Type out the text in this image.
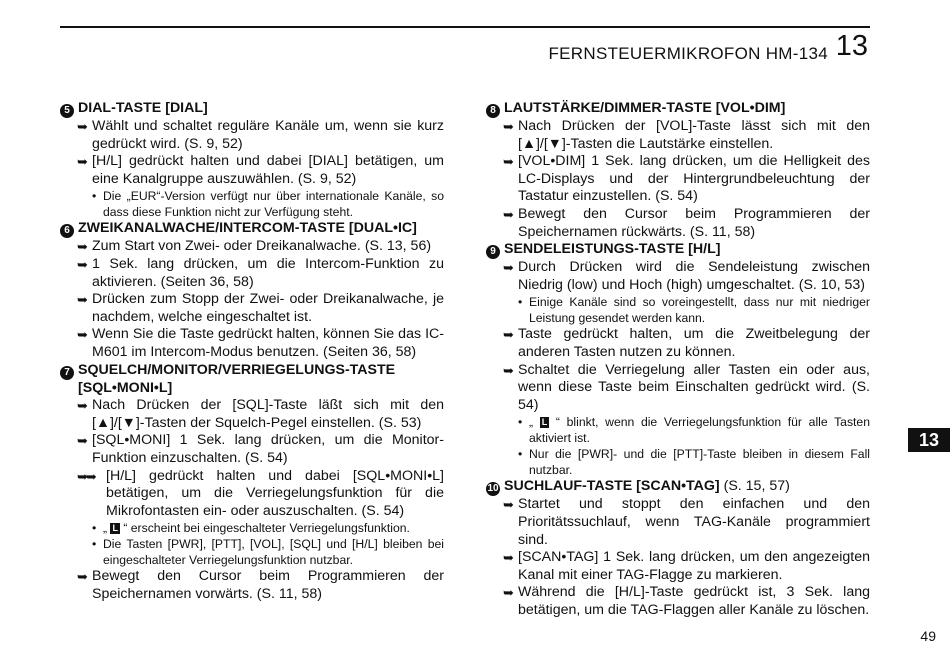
FERNSTEUERMIKROFON HM-134 13
5 DIAL-TASTE [DIAL]
➥ Wählt und schaltet reguläre Kanäle um, wenn sie kurz gedrückt wird. (S. 9, 52)
➥ [H/L] gedrückt halten und dabei [DIAL] betätigen, um eine Kanalgruppe auszuwählen. (S. 9, 52)
• Die „EUR“-Version verfügt nur über internationale Kanäle, so dass diese Funktion nicht zur Verfügung steht.
6 ZWEIKANALWACHE/INTERCOM-TASTE [DUAL•IC]
➥ Zum Start von Zwei- oder Dreikanalwache. (S. 13, 56)
➥ 1 Sek. lang drücken, um die Intercom-Funktion zu aktivieren. (Seiten 36, 58)
➥ Drücken zum Stopp der Zwei- oder Dreikanalwache, je nachdem, welche eingeschaltet ist.
➥ Wenn Sie die Taste gedrückt halten, können Sie das IC-M601 im Intercom-Modus benutzen. (Seiten 36, 58)
7 SQUELCH/MONITOR/VERRIEGELUNGS-TASTE [SQL•MONI•L]
➥ Nach Drücken der [SQL]-Taste läßt sich mit den [▲]/[▼]-Tasten der Squelch-Pegel einstellen. (S. 53)
➥ [SQL•MONI] 1 Sek. lang drücken, um die Monitor-Funktion einzuschalten. (S. 54)
➥➥ [H/L] gedrückt halten und dabei [SQL•MONI•L] betätigen, um die Verriegelungsfunktion für die Mikrofontasten ein- oder auszuschalten. (S. 54)
• „ L “ erscheint bei eingeschalteter Verriegelungsfunktion.
• Die Tasten [PWR], [PTT], [VOL], [SQL] und [H/L] bleiben bei eingeschalteter Verriegelungsfunktion nutzbar.
➥ Bewegt den Cursor beim Programmieren der Speichernamen vorwärts. (S. 11, 58)
8 LAUTSTÄRKE/DIMMER-TASTE [VOL•DIM]
➥ Nach Drücken der [VOL]-Taste lässt sich mit den [▲]/[▼]-Tasten die Lautstärke einstellen.
➥ [VOL•DIM] 1 Sek. lang drücken, um die Helligkeit des LC-Displays und der Hintergrundbeleuchtung der Tastatur einzustellen. (S. 54)
➥ Bewegt den Cursor beim Programmieren der Speichernamen rückwärts. (S. 11, 58)
9 SENDELEISTUNGS-TASTE [H/L]
➥ Durch Drücken wird die Sendeleistung zwischen Niedrig (low) und Hoch (high) umgeschaltet. (S. 10, 53)
• Einige Kanäle sind so voreingestellt, dass nur mit niedriger Leistung gesendet werden kann.
➥ Taste gedrückt halten, um die Zweitbelegung der anderen Tasten nutzen zu können.
➥ Schaltet die Verriegelung aller Tasten ein oder aus, wenn diese Taste beim Einschalten gedrückt wird. (S. 54)
• „ L “ blinkt, wenn die Verriegelungsfunktion für alle Tasten aktiviert ist.
• Nur die [PWR]- und die [PTT]-Taste bleiben in diesem Fall nutzbar.
10 SUCHLAUF-TASTE [SCAN•TAG] (S. 15, 57)
➥ Startet und stoppt den einfachen und den Prioritätssuchlauf, wenn TAG-Kanäle programmiert sind.
➥ [SCAN•TAG] 1 Sek. lang drücken, um den angezeigten Kanal mit einer TAG-Flagge zu markieren.
➥ Während die [H/L]-Taste gedrückt ist, 3 Sek. lang betätigen, um die TAG-Flaggen aller Kanäle zu löschen.
13
49
